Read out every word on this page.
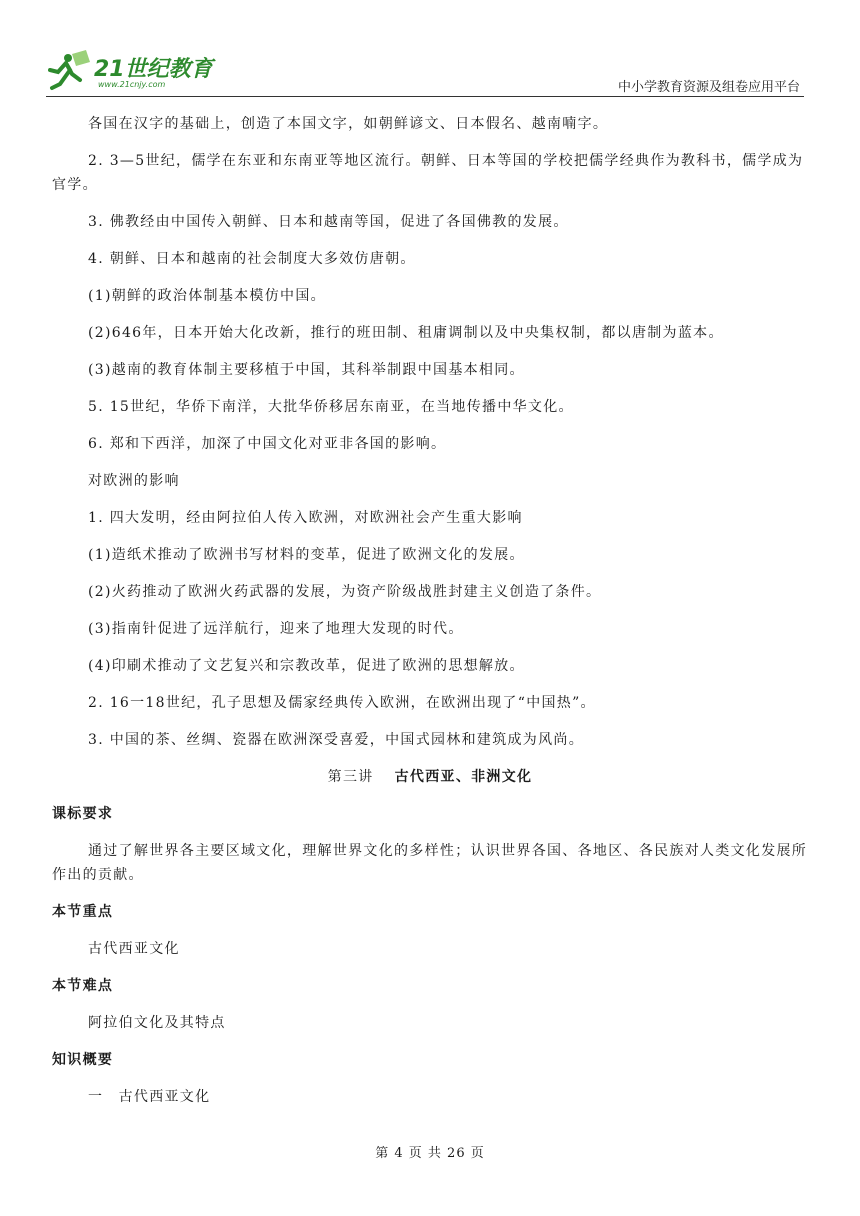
21世纪教育
www.21cnjy.com	中小学教育资源及组卷应用平台

各国在汉字的基础上，创造了本国文字，如朝鲜谚文、日本假名、越南喃字。

2. 3—5世纪，儒学在东亚和东南亚等地区流行。朝鲜、日本等国的学校把儒学经典作为教科书，儒学成为官学。

3. 佛教经由中国传入朝鲜、日本和越南等国，促进了各国佛教的发展。

4. 朝鲜、日本和越南的社会制度大多效仿唐朝。

(1)朝鲜的政治体制基本模仿中国。

(2)646年，日本开始大化改新，推行的班田制、租庸调制以及中央集权制，都以唐制为蓝本。

(3)越南的教育体制主要移植于中国，其科举制跟中国基本相同。

5. 15世纪，华侨下南洋，大批华侨移居东南亚，在当地传播中华文化。

6. 郑和下西洋，加深了中国文化对亚非各国的影响。

对欧洲的影响

1. 四大发明，经由阿拉伯人传入欧洲，对欧洲社会产生重大影响

(1)造纸术推动了欧洲书写材料的变革，促进了欧洲文化的发展。

(2)火药推动了欧洲火药武器的发展，为资产阶级战胜封建主义创造了条件。

(3)指南针促进了远洋航行，迎来了地理大发现的时代。

(4)印刷术推动了文艺复兴和宗教改革，促进了欧洲的思想解放。

2. 16一18世纪，孔子思想及儒家经典传入欧洲，在欧洲出现了“中国热”。

3. 中国的茶、丝绸、瓷器在欧洲深受喜爱，中国式园林和建筑成为风尚。

第三讲  古代西亚、非洲文化

课标要求

通过了解世界各主要区域文化，理解世界文化的多样性；认识世界各国、各地区、各民族对人类文化发展所作出的贡献。

本节重点

古代西亚文化

本节难点

阿拉伯文化及其特点

知识概要

一　古代西亚文化

第 4 页 共 26 页
